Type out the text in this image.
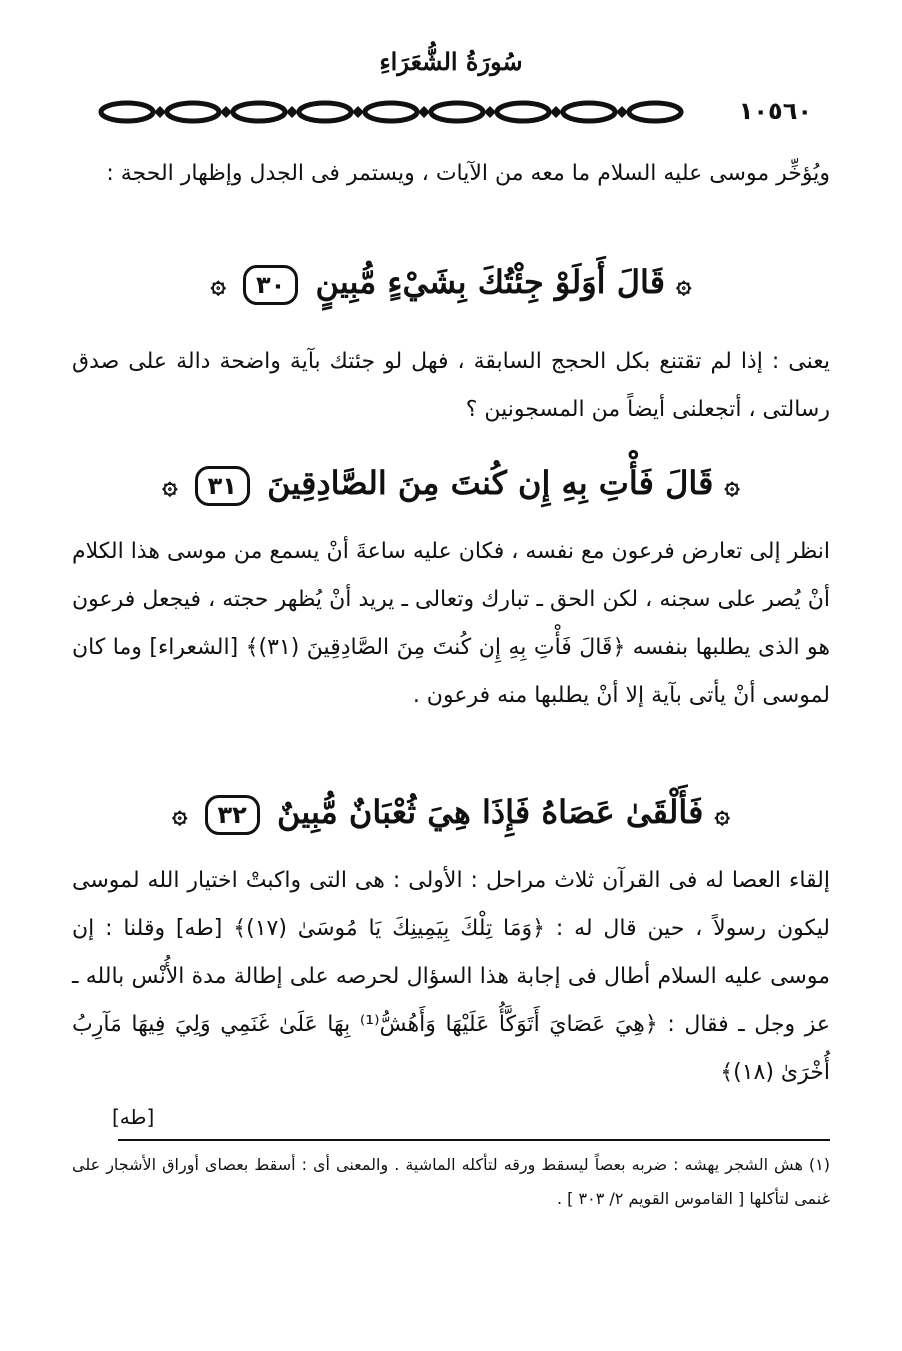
سُورَةُ الشُّعَرَاءِ
١٠٥٦٠
ويُؤخِّر موسى عليه السلام ما معه من الآيات ، ويستمر فى الجدل وإظهار الحجة :
۞ قَالَ أَوَلَوْ جِئْتُكَ بِشَيْءٍ مُّبِينٍ ٣٠ ۞
يعنى : إذا لم تقتنع بكل الحجج السابقة ، فهل لو جئتك بآية واضحة دالة على صدق رسالتى ، أتجعلنى أيضاً من المسجونين ؟
۞ قَالَ فَأْتِ بِهِ إِن كُنتَ مِنَ الصَّادِقِينَ ٣١ ۞
انظر إلى تعارض فرعون مع نفسه ، فكان عليه ساعةَ أنْ يسمع من موسى هذا الكلام أنْ يُصر على سجنه ، لكن الحق ـ تبارك وتعالى ـ يريد أنْ يُظهر حجته ، فيجعل فرعون هو الذى يطلبها بنفسه ﴿قَالَ فَأْتِ بِهِ إِن كُنتَ مِنَ الصَّادِقِينَ (٣١)﴾ [الشعراء] وما كان لموسى أنْ يأتى بآية إلا أنْ يطلبها منه فرعون .
۞ فَأَلْقَىٰ عَصَاهُ فَإِذَا هِيَ ثُعْبَانٌ مُّبِينٌ ٣٢ ۞
إلقاء العصا له فى القرآن ثلاث مراحل : الأولى : هى التى واكبتْ اختيار الله لموسى ليكون رسولاً ، حين قال له : ﴿وَمَا تِلْكَ بِيَمِينِكَ يَا مُوسَىٰ (١٧)﴾ [طه] وقلنا : إن موسى عليه السلام أطال فى إجابة هذا السؤال لحرصه على إطالة مدة الأُنْس بالله ـ عز وجل ـ فقال : ﴿هِيَ عَصَايَ أَتَوَكَّأُ عَلَيْهَا وَأَهُشُّ⁽¹⁾ بِهَا عَلَىٰ غَنَمِي وَلِيَ فِيهَا مَآرِبُ أُخْرَىٰ (١٨)﴾
[طه]
(١) هش الشجر يهشه : ضربه بعصاً ليسقط ورقه لتأكله الماشية . والمعنى أى : أسقط بعصاى أوراق الأشجار على غنمى لتأكلها [ القاموس القويم ٢/ ٣٠٣ ] .
